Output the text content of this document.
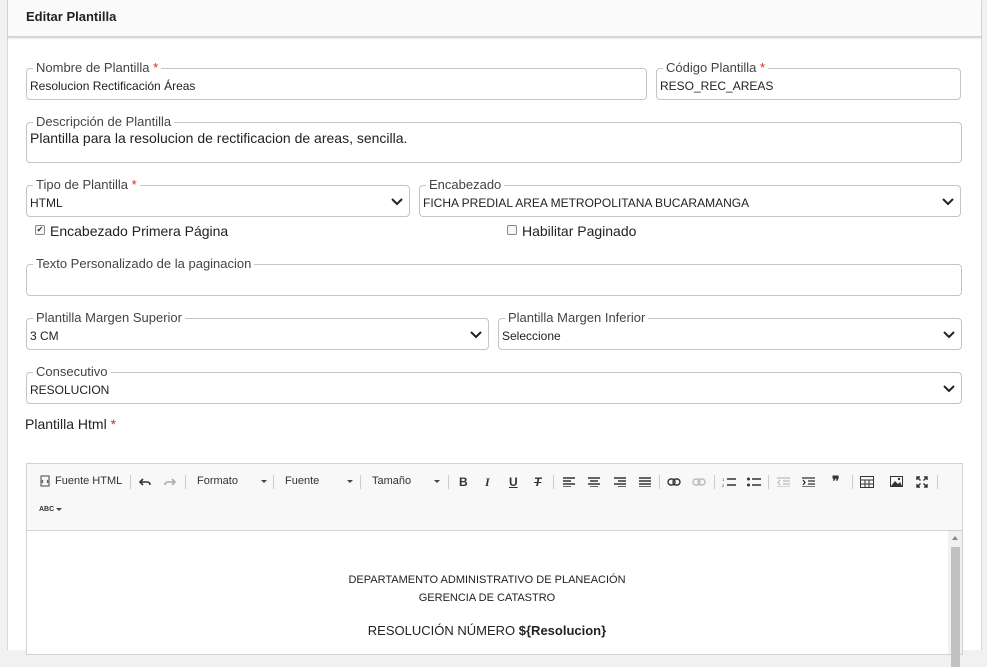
Editar Plantilla
Nombre de Plantilla *
Resolucion Rectificación Áreas
Código Plantilla *
RESO_REC_AREAS
Descripción de Plantilla
Plantilla para la resolucion de rectificacion de areas, sencilla.
Tipo de Plantilla *
HTML
Encabezado
FICHA PREDIAL AREA METROPOLITANA BUCARAMANGA
✔ Encabezado Primera Página	Habilitar Paginado
Texto Personalizado de la paginacion
Plantilla Margen Superior
3 CM
Plantilla Margen Inferior
Seleccione
Consecutivo
RESOLUCION
Plantilla Html *
Fuente HTML	Formato	Fuente	Tamaño	B I U T	1
2	❞
ABC
DEPARTAMENTO ADMINISTRATIVO DE PLANEACIÓN
GERENCIA DE CATASTRO
RESOLUCIÓN NÚMERO ${Resolucion}
